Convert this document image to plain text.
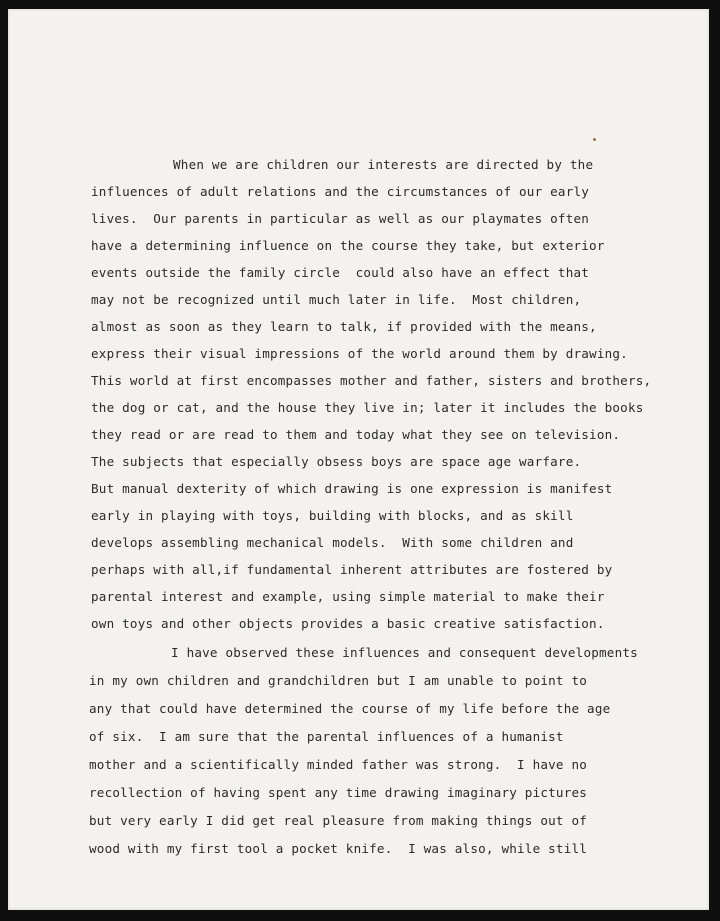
When we are children our interests are directed by the
influences of adult relations and the circumstances of our early
lives.  Our parents in particular as well as our playmates often
have a determining influence on the course they take, but exterior
events outside the family circle  could also have an effect that
may not be recognized until much later in life.  Most children,
almost as soon as they learn to talk, if provided with the means,
express their visual impressions of the world around them by drawing.
This world at first encompasses mother and father, sisters and brothers,
the dog or cat, and the house they live in; later it includes the books
they read or are read to them and today what they see on television.
The subjects that especially obsess boys are space age warfare.
But manual dexterity of which drawing is one expression is manifest
early in playing with toys, building with blocks, and as skill
develops assembling mechanical models.  With some children and
perhaps with all,if fundamental inherent attributes are fostered by
parental interest and example, using simple material to make their
own toys and other objects provides a basic creative satisfaction.
I have observed these influences and consequent developments
in my own children and grandchildren but I am unable to point to
any that could have determined the course of my life before the age
of six.  I am sure that the parental influences of a humanist
mother and a scientifically minded father was strong.  I have no
recollection of having spent any time drawing imaginary pictures
but very early I did get real pleasure from making things out of
wood with my first tool a pocket knife.  I was also, while still
